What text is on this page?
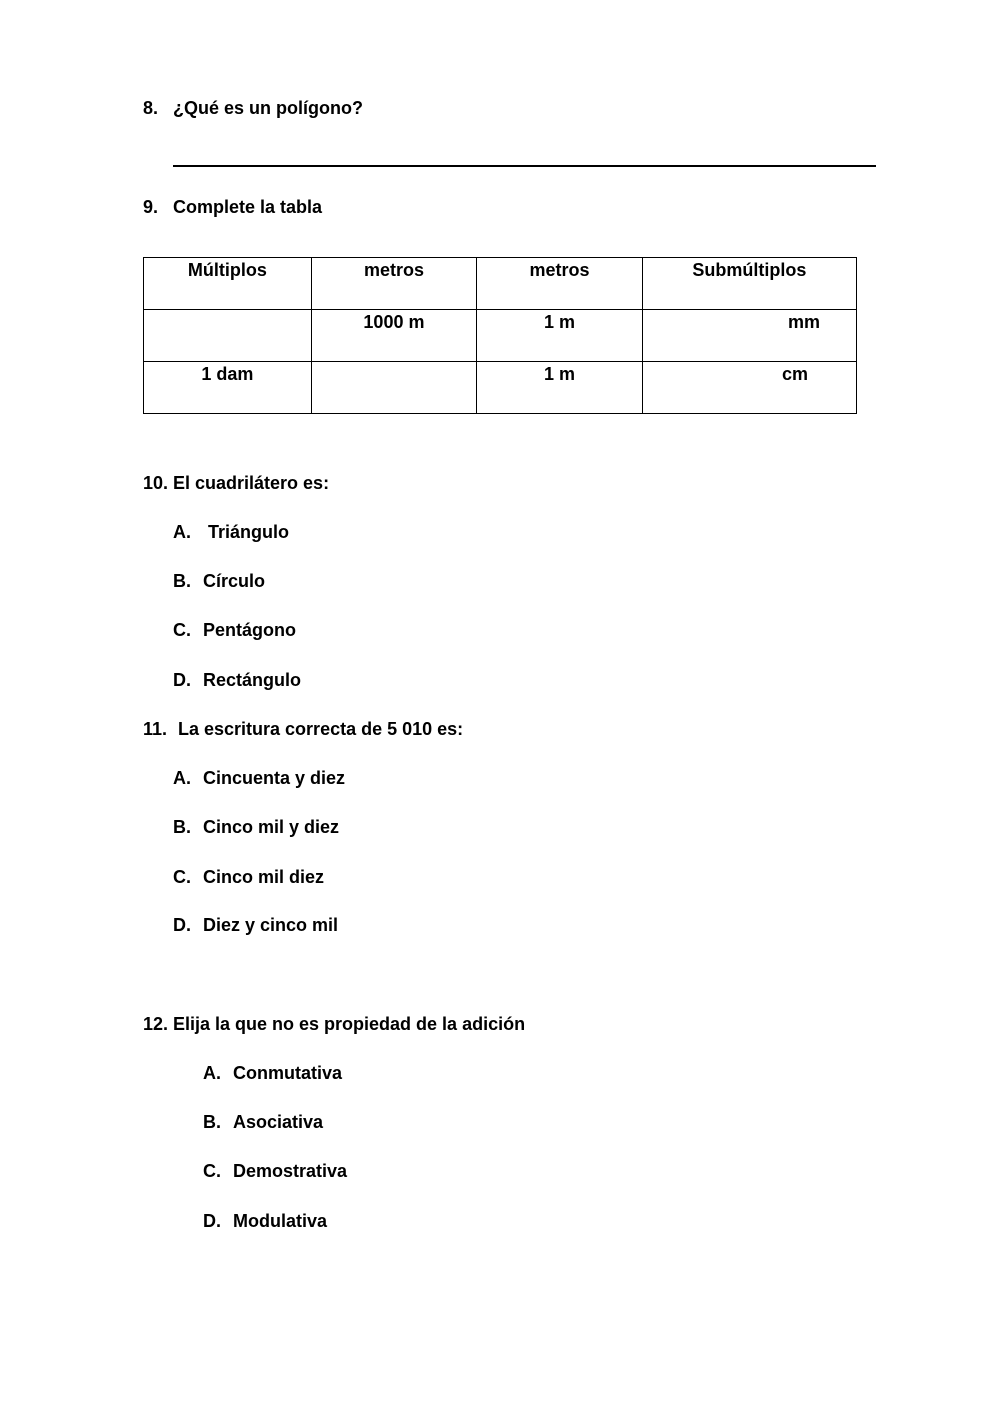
8. ¿Qué es un polígono?
9. Complete la tabla
Múltiplos	metros	metros	Submúltiplos
	1000 m	1 m	mm
1 dam		1 m	cm
10. El cuadrilátero es:
A. Triángulo
B. Círculo
C. Pentágono
D. Rectángulo
11. La escritura correcta de 5 010 es:
A. Cincuenta y diez
B. Cinco mil y diez
C. Cinco mil diez
D. Diez y cinco mil
12. Elija la que no es propiedad de la adición
A. Conmutativa
B. Asociativa
C. Demostrativa
D. Modulativa
